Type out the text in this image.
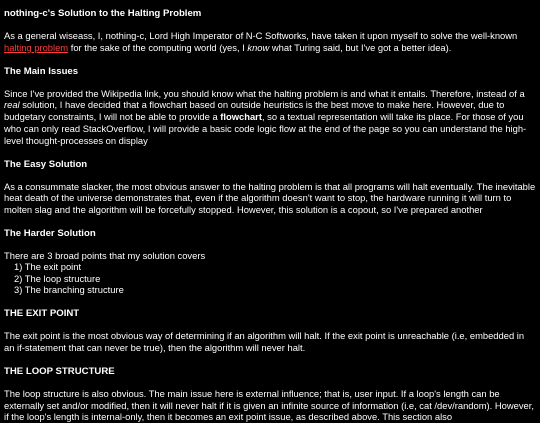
nothing-c's Solution to the Halting Problem

As a general wiseass, I, nothing-c, Lord High Imperator of N-C Softworks, have taken it upon myself to solve the well-known halting problem for the sake of the computing world (yes, I know what Turing said, but I've got a better idea).

The Main Issues

Since I've provided the Wikipedia link, you should know what the halting problem is and what it entails. Therefore, instead of a real solution, I have decided that a flowchart based on outside heuristics is the best move to make here. However, due to budgetary constraints, I will not be able to provide a flowchart, so a textual representation will take its place. For those of you who can only read StackOverflow, I will provide a basic code logic flow at the end of the page so you can understand the high-level thought-processes on display

The Easy Solution

As a consummate slacker, the most obvious answer to the halting problem is that all programs will halt eventually. The inevitable heat death of the universe demonstrates that, even if the algorithm doesn't want to stop, the hardware running it will turn to molten slag and the algorithm will be forcefully stopped. However, this solution is a copout, so I've prepared another

The Harder Solution
There are 3 broad points that my solution covers
1) The exit point
2) The loop structure
3) The branching structure
THE EXIT POINT

The exit point is the most obvious way of determining if an algorithm will halt. If the exit point is unreachable (i.e, embedded in an if-statement that can never be true), then the algorithm will never halt.

THE LOOP STRUCTURE

The loop structure is also obvious. The main issue here is external influence; that is, user input. If a loop's length can be externally set and/or modified, then it will never halt if it is given an infinite source of information (i.e, cat /dev/random). However, if the loop's length is internal-only, then it becomes an exit point issue, as described above. This section also
